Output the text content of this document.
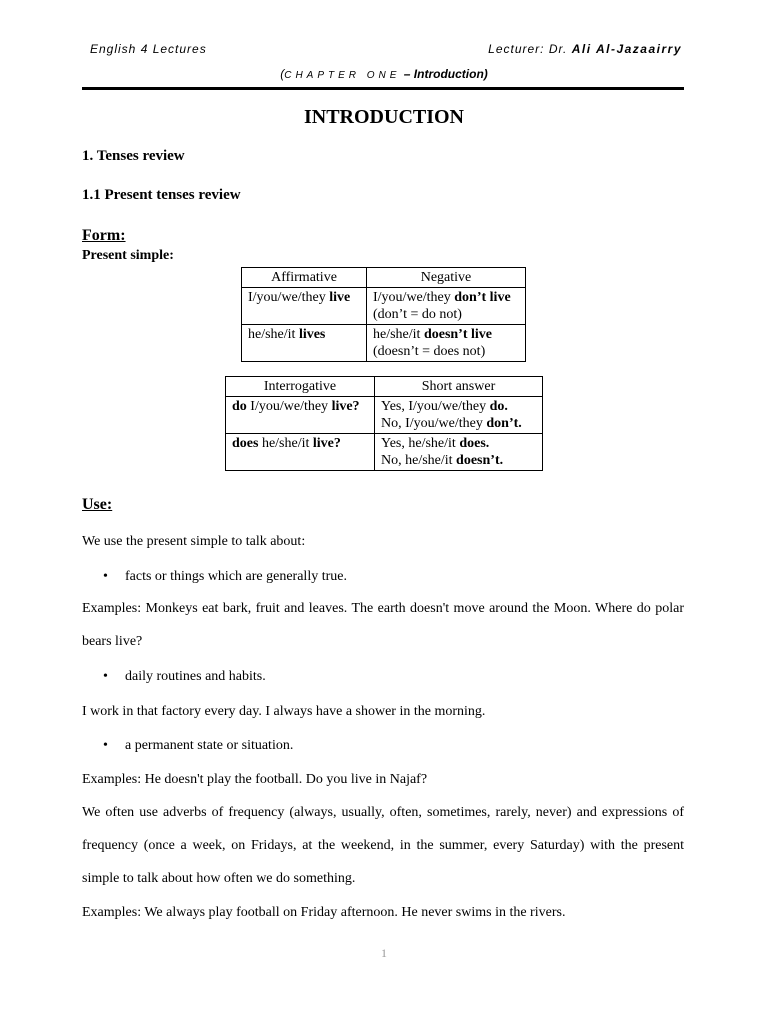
English 4 Lectures	Lecturer: Dr. Ali Al-Jazaairry
(CHAPTER ONE – Introduction)
INTRODUCTION
1. Tenses review
1.1 Present tenses review
Form:
Present simple:
Affirmative	Negative
I/you/we/they live	I/you/we/they don’t live
(don’t = do not)
he/she/it lives	he/she/it doesn’t live
(doesn’t = does not)
Interrogative	Short answer
do I/you/we/they live?	Yes, I/you/we/they do.
No, I/you/we/they don’t.
does he/she/it live?	Yes, he/she/it does.
No, he/she/it doesn’t.
Use:
We use the present simple to talk about:
• facts or things which are generally true.
Examples: Monkeys eat bark, fruit and leaves. The earth doesn't move around the Moon. Where do polar bears live?
• daily routines and habits.
I work in that factory every day. I always have a shower in the morning.
• a permanent state or situation.
Examples: He doesn't play the football. Do you live in Najaf?
We often use adverbs of frequency (always, usually, often, sometimes, rarely, never) and expressions of frequency (once a week, on Fridays, at the weekend, in the summer, every Saturday) with the present simple to talk about how often we do something.
Examples: We always play football on Friday afternoon. He never swims in the rivers.
1
